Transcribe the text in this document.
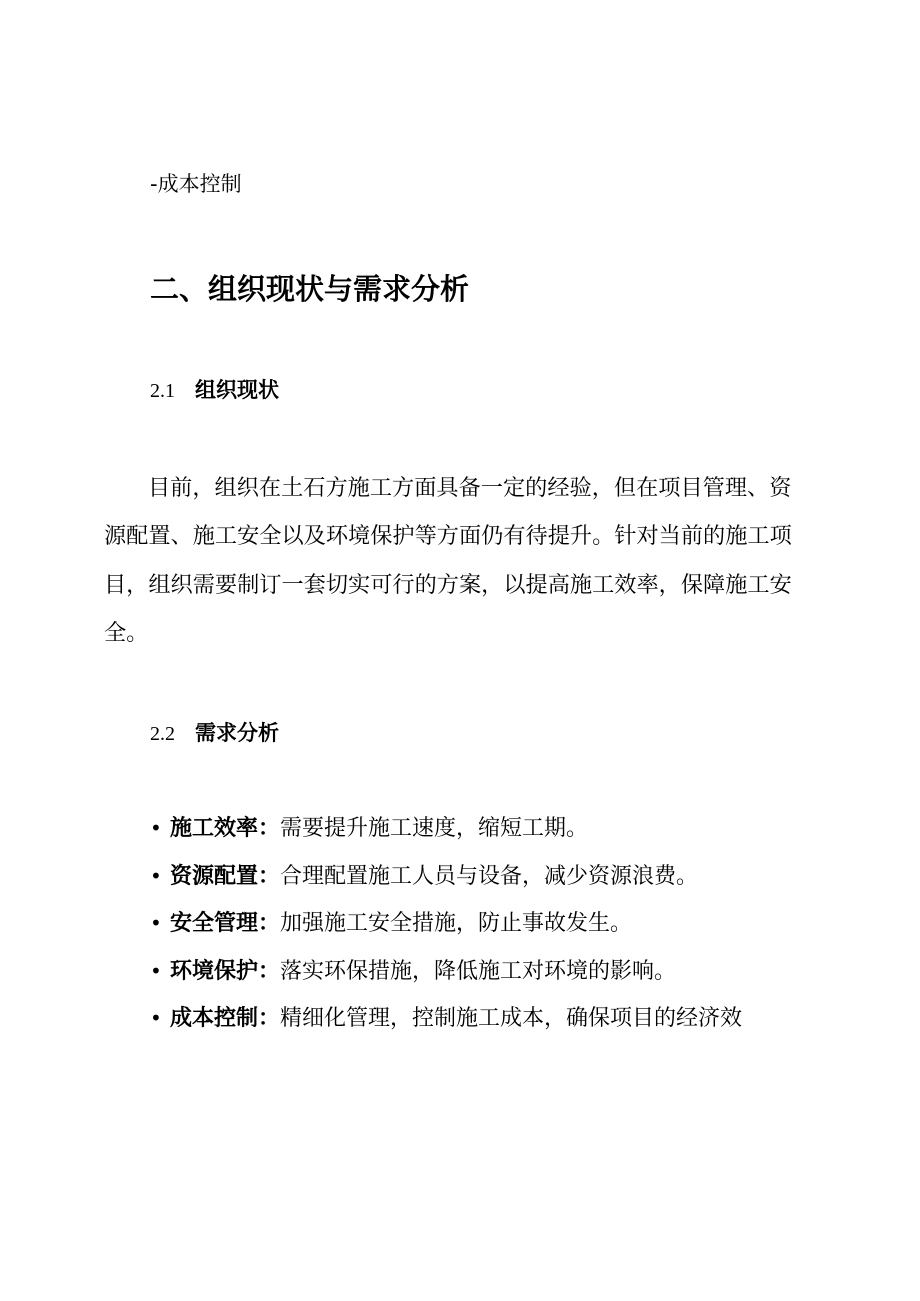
-成本控制
二、组织现状与需求分析
2.1 组织现状
目前，组织在土石方施工方面具备一定的经验，但在项目管理、资源配置、施工安全以及环境保护等方面仍有待提升。针对当前的施工项目，组织需要制订一套切实可行的方案，以提高施工效率，保障施工安全。
2.2 需求分析
• 施工效率：需要提升施工速度，缩短工期。
• 资源配置：合理配置施工人员与设备，减少资源浪费。
• 安全管理：加强施工安全措施，防止事故发生。
• 环境保护：落实环保措施，降低施工对环境的影响。
• 成本控制：精细化管理，控制施工成本，确保项目的经济效
